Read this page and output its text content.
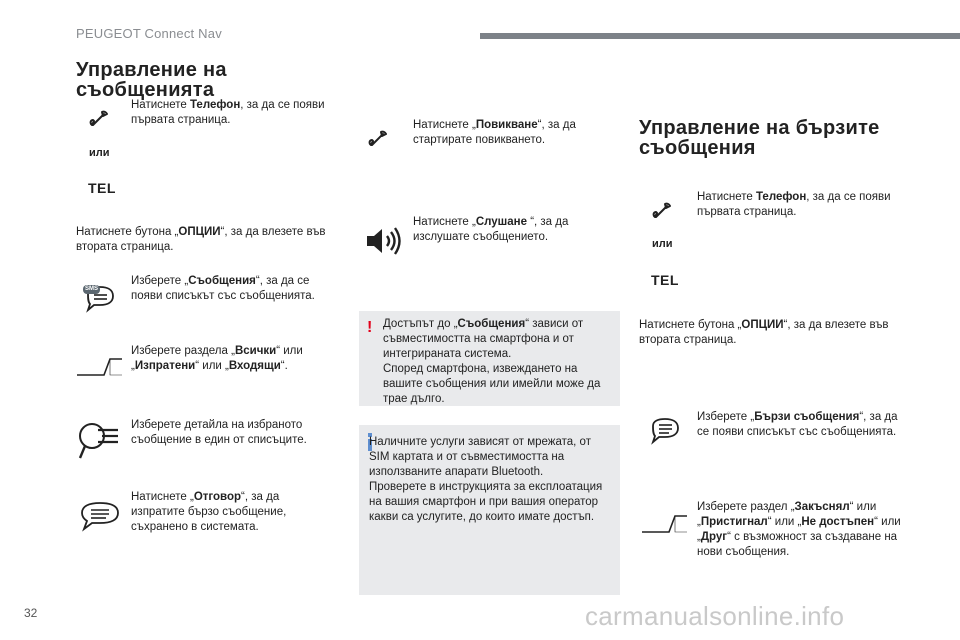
PEUGEOT Connect Nav
Управление на
съобщенията
или
TEL
Натиснете Телефон, за да се появи първата страница.
Натиснете бутона „ОПЦИИ“, за да влезете във втората страница.
SMS
Изберете „Съобщения“, за да се появи списъкът със съобщенията.
Изберете раздела „Всички“ или „Изпратени“ или „Входящи“.
Изберете детайла на избраното съобщение в един от списъците.
Натиснете „Отговор“, за да изпратите бързо съобщение, съхранено в системата.
Натиснете „Повикване“, за да стартирате повикването.
Натиснете „Слушане “, за да изслушате съобщението.
! Достъпът до „Съобщения“ зависи от съвместимостта на смартфона и от интегрираната система.
Според смартфона, извеждането на вашите съобщения или имейли може да трае дълго.
Наличните услуги зависят от мрежата, от SIM картата и от съвместимостта на използваните апарати Bluetooth.
Проверете в инструкцията за експлоатация на вашия смартфон и при вашия оператор какви са услугите, до които имате достъп.
Управление на бързите
съобщения
или
TEL
Натиснете Телефон, за да се появи първата страница.
Натиснете бутона „ОПЦИИ“, за да влезете във втората страница.
Изберете „Бързи съобщения“, за да се появи списъкът със съобщенията.
Изберете раздел „Закъснял“ или „Пристигнал“ или „Не достъпен“ или „Друг“ с възможност за създаване на нови съобщения.
32	carmanualsonline.info
